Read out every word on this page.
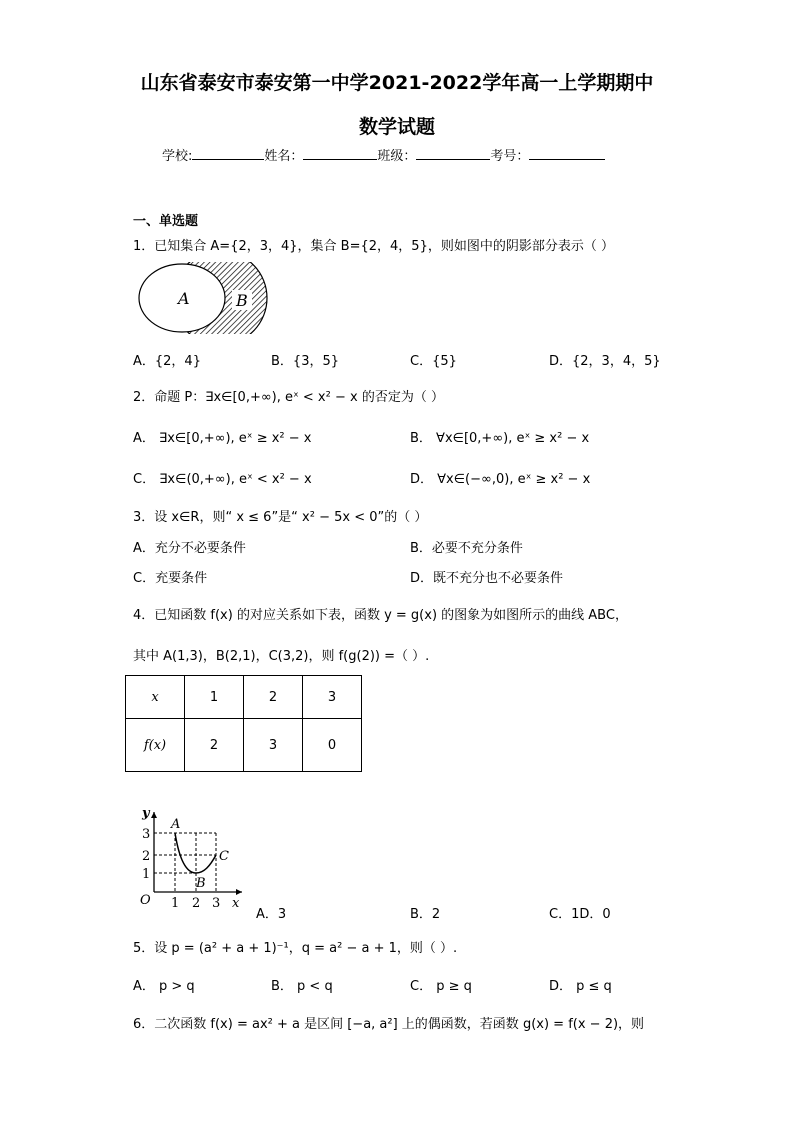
山东省泰安市泰安第一中学2021-2022学年高一上学期期中
数学试题
学校:	姓名：	班级：	考号：
一、单选题
1．已知集合 A={2，3，4}，集合 B={2，4，5}，则如图中的阴影部分表示（ ）
A	B
A．{2，4}	B．{3，5}	C．{5}	D．{2，3，4，5}
2．命题 P：∃x∈[0,+∞), eˣ < x² − x 的否定为（ ）
A． ∃x∈[0,+∞), eˣ ≥ x² − x	B． ∀x∈[0,+∞), eˣ ≥ x² − x
C． ∃x∈(0,+∞), eˣ < x² − x	D． ∀x∈(−∞,0), eˣ ≥ x² − x
3．设 x∈R，则“ x ≤ 6”是“ x² − 5x < 0”的（ ）
A．充分不必要条件	B．必要不充分条件
C．充要条件	D．既不充分也不必要条件
4．已知函数 f(x) 的对应关系如下表，函数 y = g(x) 的图象为如图所示的曲线 ABC，
其中 A(1,3)，B(2,1)，C(3,2)，则 f(g(2)) =（ ）.
x	1	2	3
f(x)	2	3	0
y
x
O
3
2
1
1 2 3
A
B
C
A．3	B．2	C．1D．0
5．设 p = (a² + a + 1)⁻¹，q = a² − a + 1，则（ ）.
A． p > q	B． p < q	C． p ≥ q	D． p ≤ q
6．二次函数 f(x) = ax² + a 是区间 [−a, a²] 上的偶函数，若函数 g(x) = f(x − 2)，则
